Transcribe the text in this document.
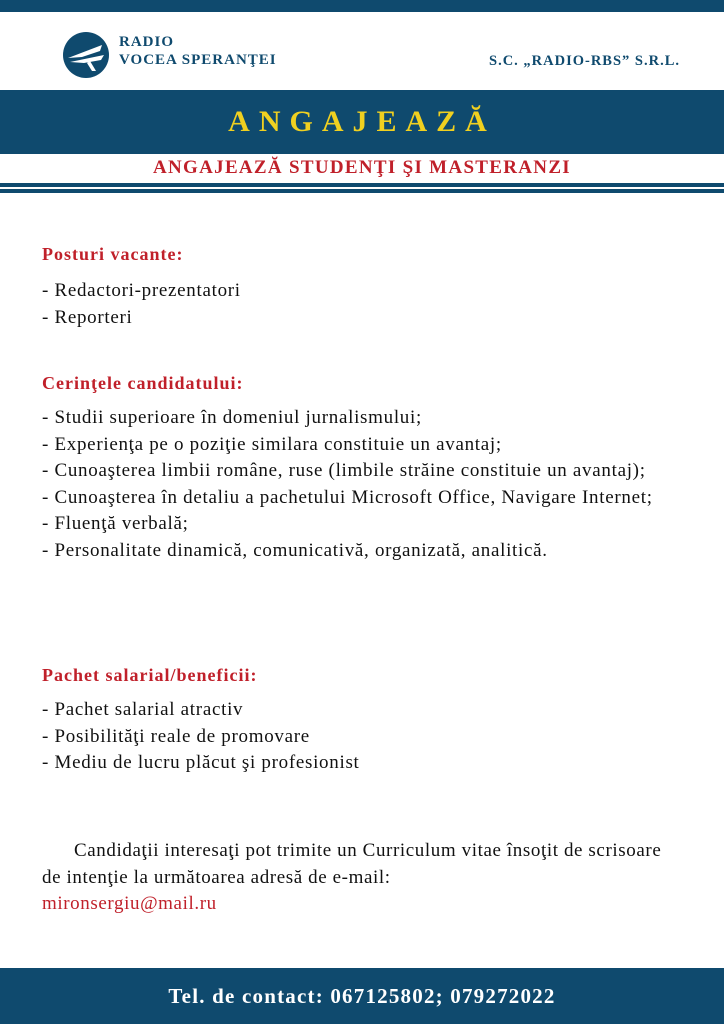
RADIO
VOCEA SPERANŢEI	S.C. „RADIO-RBS” S.R.L.
ANGAJEAZĂ
ANGAJEAZĂ STUDENŢI ŞI MASTERANZI
Posturi vacante:
- Redactori-prezentatori
- Reporteri
Cerinţele candidatului:
- Studii superioare în domeniul jurnalismului;
- Experienţa pe o poziţie similara constituie un avantaj;
- Cunoaşterea limbii române, ruse (limbile străine constituie un avantaj);
- Cunoaşterea în detaliu a pachetului Microsoft Office, Navigare Internet;
- Fluenţă verbală;
- Personalitate dinamică, comunicativă, organizată, analitică.
Pachet salarial/beneficii:
- Pachet salarial atractiv
- Posibilităţi reale de promovare
- Mediu de lucru plăcut şi profesionist

Candidaţii interesaţi pot trimite un Curriculum vitae însoţit de scrisoare de intenţie la următoarea adresă de e-mail:
mironsergiu@mail.ru

Tel. de contact: 067125802; 079272022
